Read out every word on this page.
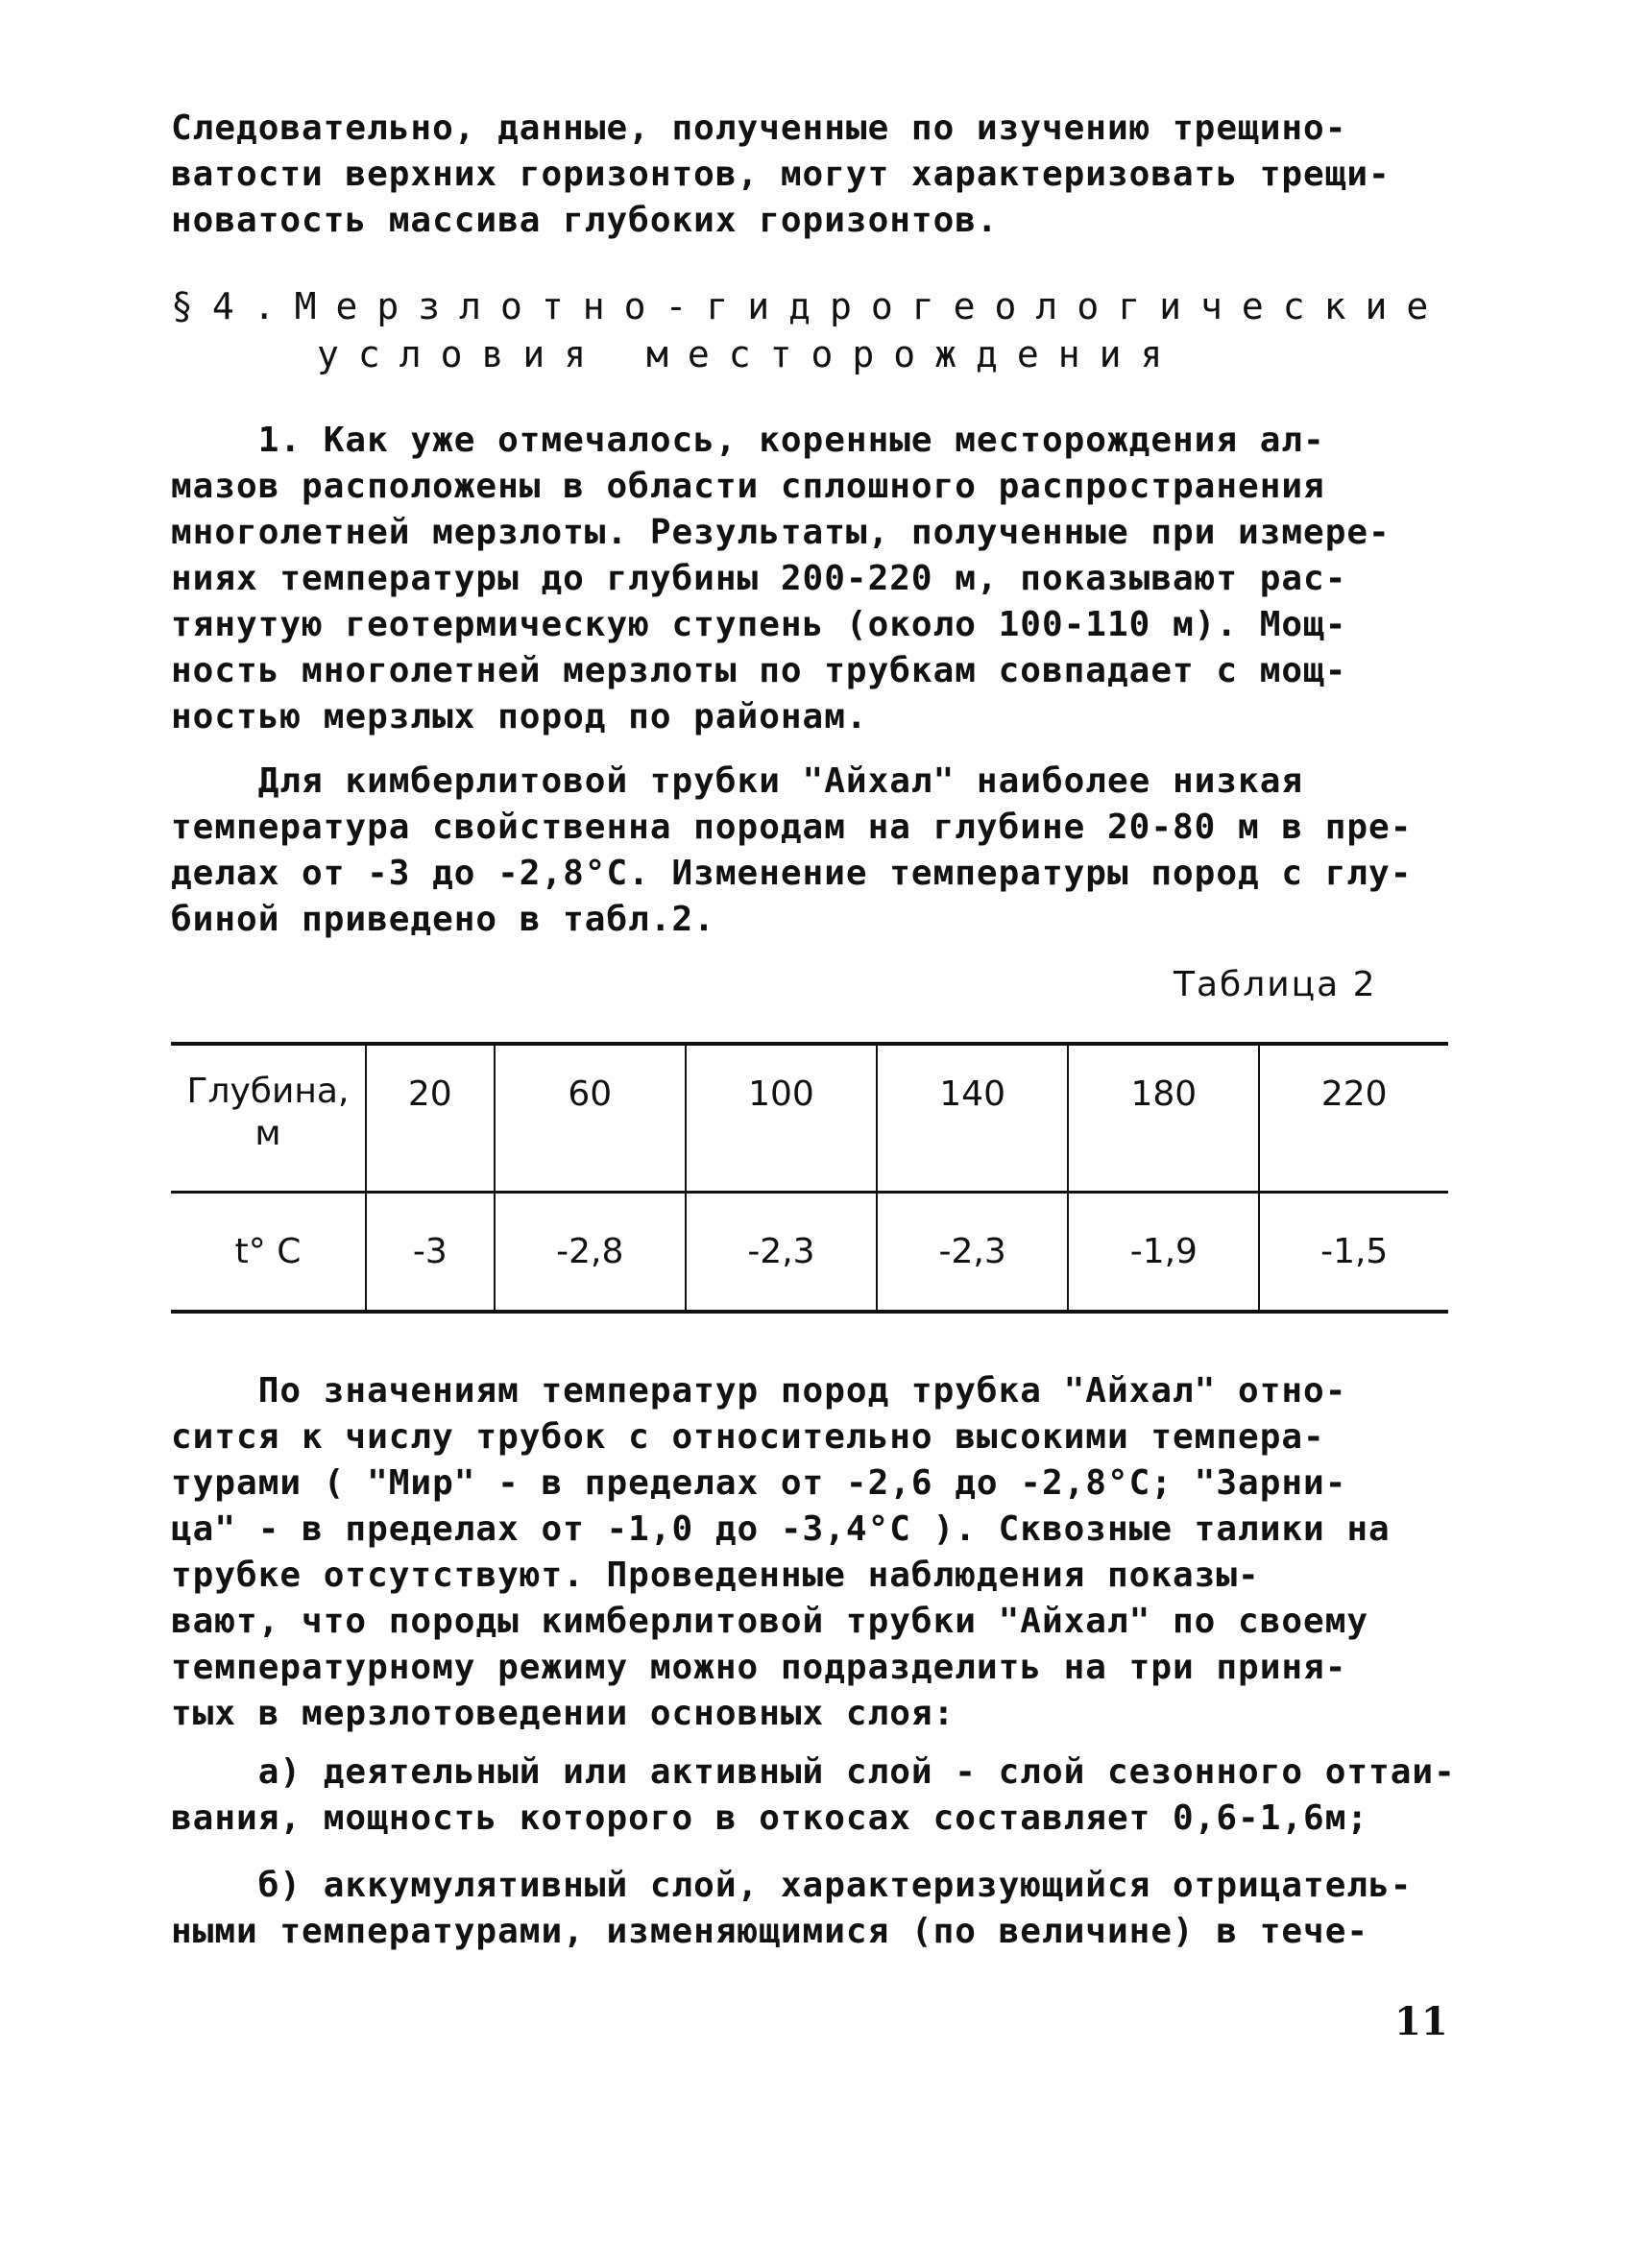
Следовательно, данные, полученные по изучению трещино-
ватости верхних горизонтов, могут характеризовать трещи-
новатость массива глубоких горизонтов.
§4.Мерзлотно-гидрогеологические
условия месторождения
1. Как уже отмечалось, коренные месторождения ал-
мазов расположены в области сплошного распространения
многолетней мерзлоты. Результаты, полученные при измере-
ниях температуры до глубины 200-220 м, показывают рас-
тянутую геотермическую ступень (около 100-110 м). Мощ-
ность многолетней мерзлоты по трубкам совпадает с мощ-
ностью мерзлых пород по районам.
Для кимберлитовой трубки "Айхал" наиболее низкая
температура свойственна породам на глубине 20-80 м в пре-
делах от -3 до -2,8°C. Изменение температуры пород с глу-
биной приведено в табл.2.
Таблица 2
Глубина,
м	20	60	100	140	180	220
t° C	-3	-2,8	-2,3	-2,3	-1,9	-1,5
По значениям температур пород трубка "Айхал" отно-
сится к числу трубок с относительно высокими темпера-
турами ( "Мир" - в пределах от -2,6 до -2,8°С; "Зарни-
ца" - в пределах от -1,0 до -3,4°С ). Сквозные талики на
трубке отсутствуют. Проведенные наблюдения показы-
вают, что породы кимберлитовой трубки "Айхал" по своему
температурному режиму можно подразделить на три приня-
тых в мерзлотоведении основных слоя:
а) деятельный или активный слой - слой сезонного оттаи-
вания, мощность которого в откосах составляет 0,6-1,6м;
б) аккумулятивный слой, характеризующийся отрицатель-
ными температурами, изменяющимися (по величине) в тече-
11
